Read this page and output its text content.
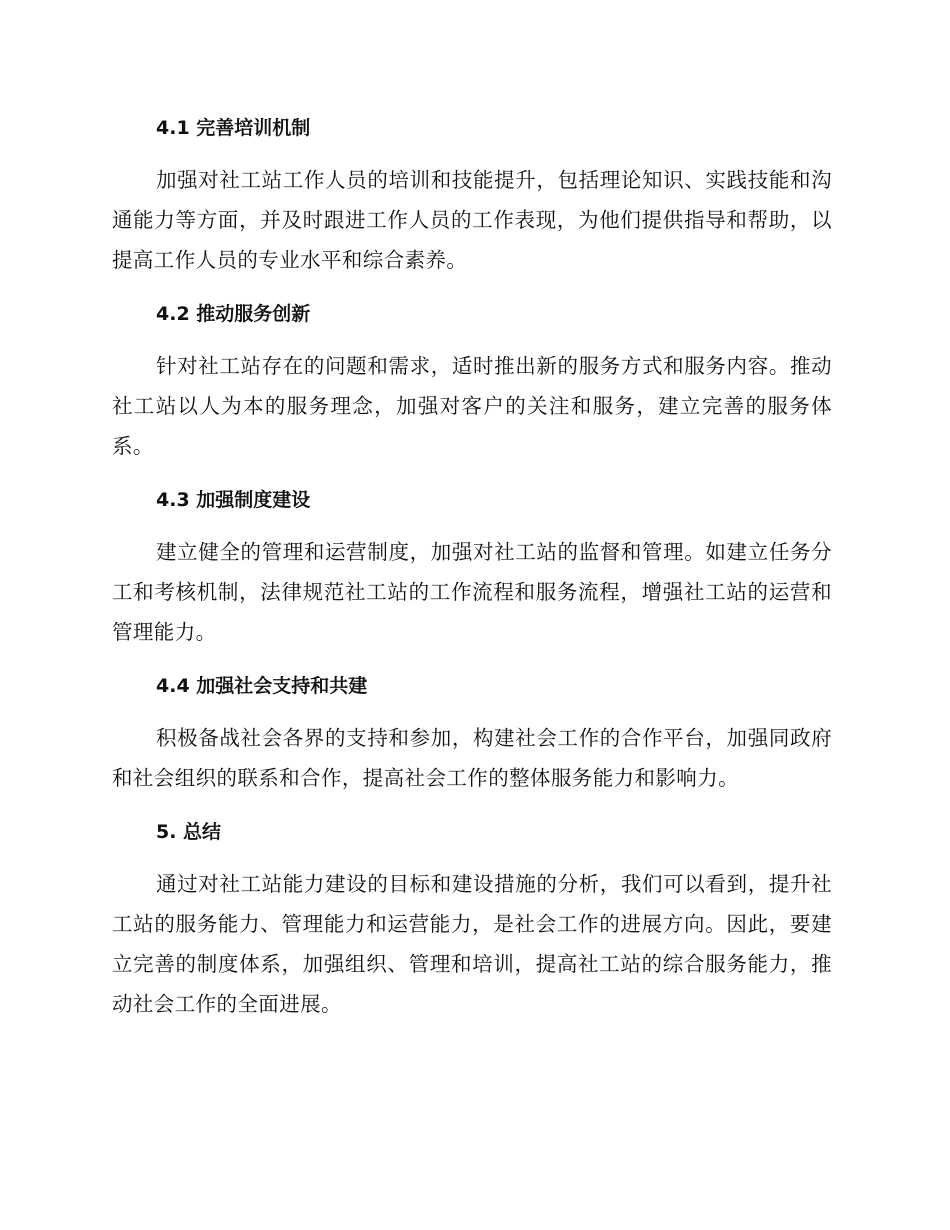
4.1 完善培训机制

加强对社工站工作人员的培训和技能提升，包括理论知识、实践技能和沟通能力等方面，并及时跟进工作人员的工作表现，为他们提供指导和帮助，以提高工作人员的专业水平和综合素养。

4.2 推动服务创新

针对社工站存在的问题和需求，适时推出新的服务方式和服务内容。推动社工站以人为本的服务理念，加强对客户的关注和服务，建立完善的服务体系。

4.3 加强制度建设

建立健全的管理和运营制度，加强对社工站的监督和管理。如建立任务分工和考核机制，法律规范社工站的工作流程和服务流程，增强社工站的运营和管理能力。

4.4 加强社会支持和共建

积极备战社会各界的支持和参加，构建社会工作的合作平台，加强同政府和社会组织的联系和合作，提高社会工作的整体服务能力和影响力。

5. 总结

通过对社工站能力建设的目标和建设措施的分析，我们可以看到，提升社工站的服务能力、管理能力和运营能力，是社会工作的进展方向。因此，要建立完善的制度体系，加强组织、管理和培训，提高社工站的综合服务能力，推动社会工作的全面进展。
